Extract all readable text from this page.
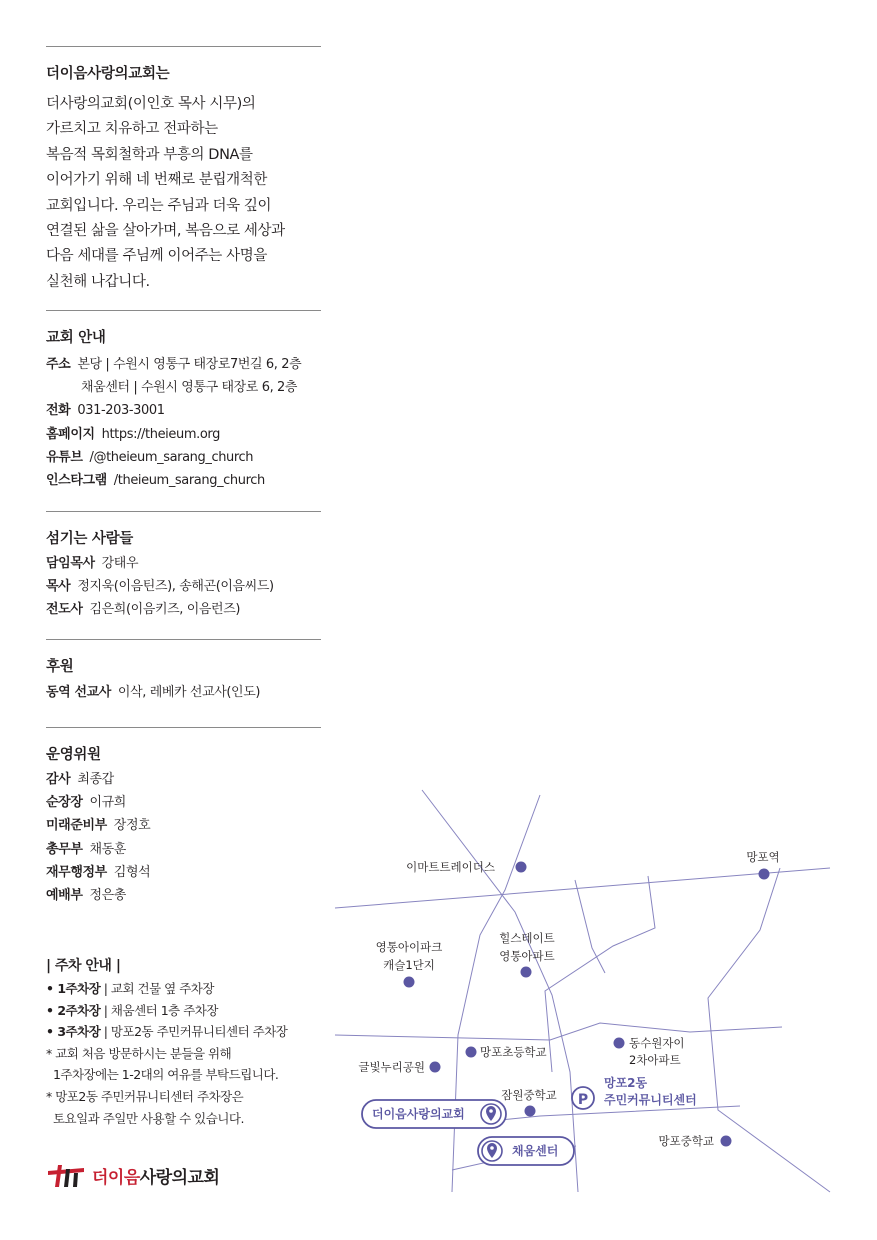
더이음사랑의교회는
더사랑의교회(이인호 목사 시무)의
가르치고 치유하고 전파하는
복음적 목회철학과 부흥의 DNA를
이어가기 위해 네 번째로 분립개척한
교회입니다. 우리는 주님과 더욱 깊이
연결된 삶을 살아가며, 복음으로 세상과
다음 세대를 주님께 이어주는 사명을
실천해 나갑니다.
교회 안내
주소 본당 | 수원시 영통구 태장로7번길 6, 2층
채움센터 | 수원시 영통구 태장로 6, 2층
전화 031-203-3001
홈페이지 https://theieum.org
유튜브 /@theieum_sarang_church
인스타그램 /theieum_sarang_church
섬기는 사람들
담임목사 강태우
목사 정지욱(이음틴즈), 송해곤(이음씨드)
전도사 김은희(이음키즈, 이음런즈)
후원
동역 선교사 이삭, 레베카 선교사(인도)
운영위원
감사 최종갑
순장장 이규희
미래준비부 장정호
총무부 채동훈
재무행정부 김형석
예배부 정은총
| 주차 안내 |
• 1주차장 | 교회 건물 옆 주차장
• 2주차장 | 채움센터 1층 주차장
• 3주차장 | 망포2동 주민커뮤니티센터 주차장
* 교회 처음 방문하시는 분들을 위해
1주차장에는 1-2대의 여유를 부탁드립니다.
* 망포2동 주민커뮤니티센터 주차장은
토요일과 주일만 사용할 수 있습니다.
더이음사랑의교회
이마트트레이더스
망포역
영통아이파크
캐슬1단지
힐스테이트
영통아파트
망포초등학교
동수원자이
2차아파트
글빛누리공원
잠원중학교 P
망포2동
주민커뮤니티센터
더이음사랑의교회
채움센터
망포중학교
